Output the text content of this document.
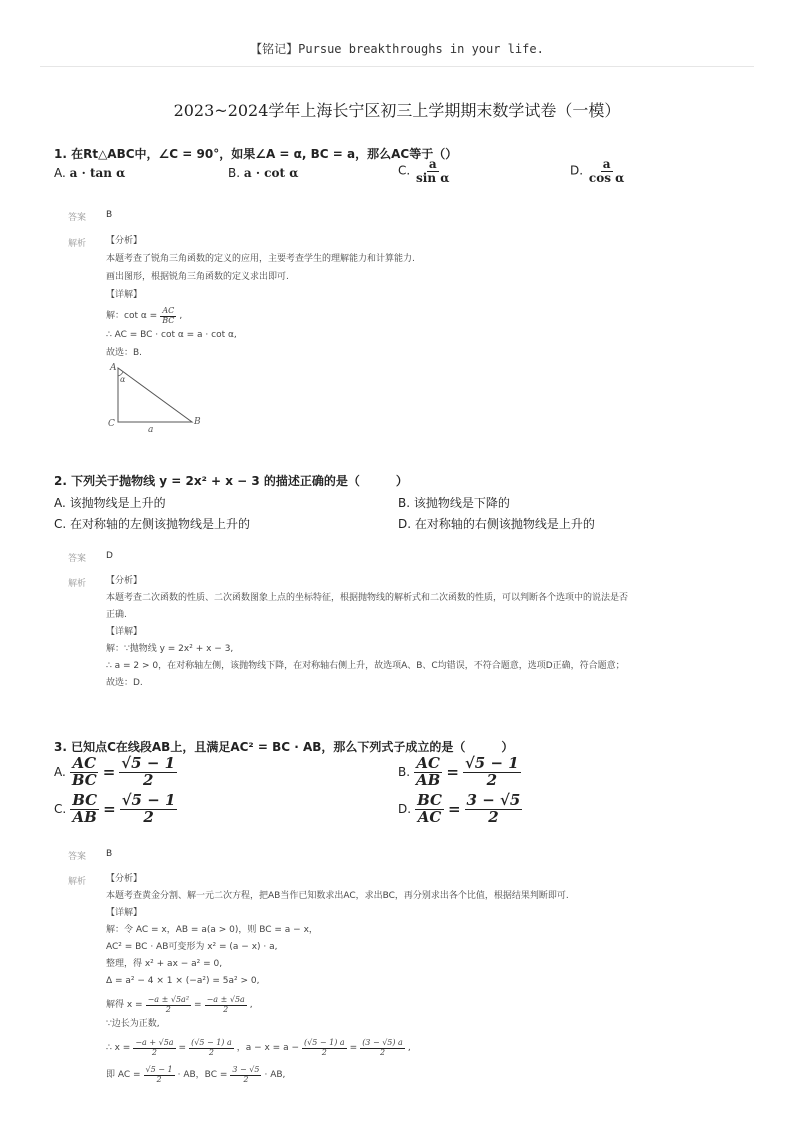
【铭记】Pursue breakthroughs in your life.
2023~2024学年上海长宁区初三上学期期末数学试卷（一模）
1. 在Rt△ABC中，∠C = 90°，如果∠A = α, BC = a，那么AC等于（）
A. a · tan α	B. a · cot α	C. $\frac{a}{\text{sin α}}$	D. $\frac{a}{\text{cos α}}$
答案 B
解析 【分析】
本题考查了锐角三角函数的定义的应用，主要考查学生的理解能力和计算能力.
画出图形，根据锐角三角函数的定义求出即可.
【详解】
解：$\cot \alpha = \frac{AC}{BC}$ ,
∴ AC = BC · cot α = a · cot α,
故选：B.
A
α
C	B
a
2. 下列关于抛物线 y = 2x² + x − 3 的描述正确的是（　　　）
A. 该抛物线是上升的	B. 该抛物线是下降的
C. 在对称轴的左侧该抛物线是上升的	D. 在对称轴的右侧该抛物线是上升的
答案 D
解析 【分析】
本题考查二次函数的性质、二次函数图象上点的坐标特征，根据抛物线的解析式和二次函数的性质，可以判断各个选项中的说法是否
正确.
【详解】
解：∵抛物线 y = 2x² + x − 3,
∴ a = 2 > 0，在对称轴左侧，该抛物线下降，在对称轴右侧上升，故选项A、B、C均错误，不符合题意，选项D正确，符合题意；
故选：D.
3. 已知点C在线段AB上，且满足AC² = BC · AB，那么下列式子成立的是（　　　）
A. $\frac{AC}{BC} = \frac{√5 - 1}{2}$	B. $\frac{AC}{AB} = \frac{√5 - 1}{2}$
C. $\frac{BC}{AB} = \frac{√5 - 1}{2}$	D. $\frac{BC}{AC} = \frac{3 - √5}{2}$
答案 B
解析 【分析】
本题考查黄金分割、解一元二次方程，把AB当作已知数求出AC，求出BC，再分别求出各个比值，根据结果判断即可.
【详解】
解：令 AC = x，AB = a(a > 0)，则 BC = a − x，
AC² = BC · AB可变形为 x² = (a − x) · a,
整理，得 x² + ax − a² = 0,
Δ = a² − 4 × 1 × (−a²) = 5a² > 0,
解得 $x = \frac{\text{−a ± √5a²}}{2} = \frac{-a \pm √5a}{2}$ ,
∵边长为正数,
∴ $x = \frac{-a + √5a}{2} = \frac{(√5 - 1) a}{2}$ ，$a - x = a - \frac{(√5 - 1) a}{2} = \frac{(3 - √5) a}{2}$ ,
即 AC = $\frac{√5 - 1}{2}$ · AB，BC = $\frac{3 - √5}{2}$ · AB,
